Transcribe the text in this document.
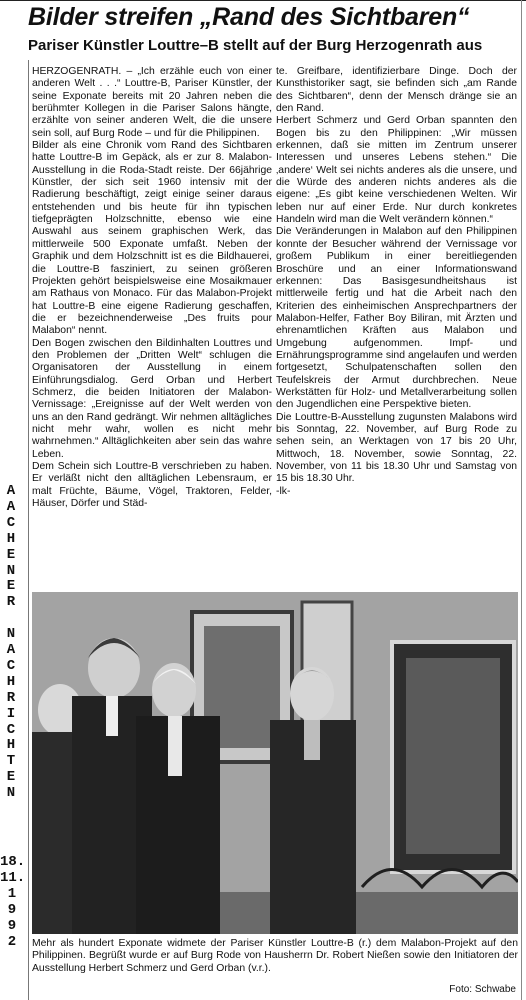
Bilder streifen „Rand des Sichtbaren“
Pariser Künstler Louttre–B stellt auf der Burg Herzogenrath aus

HERZOGENRATH. – „Ich erzähle euch von einer anderen Welt . . .“ Louttre-B, Pariser Künstler, der seine Exponate bereits mit 20 Jahren neben die berühmter Kollegen in die Pariser Salons hängte, erzählte von seiner anderen Welt, die die unsere sein soll, auf Burg Rode – und für die Philippinen.

Bilder als eine Chronik vom Rand des Sichtbaren hatte Louttre-B im Gepäck, als er zur 8. Malabon-Ausstellung in die Roda-Stadt reiste. Der 66jährige Künstler, der sich seit 1960 intensiv mit der Radierung beschäftigt, zeigt einige seiner daraus entstehenden und bis heute für ihn typischen tiefgeprägten Holzschnitte, ebenso wie eine Auswahl aus seinem graphischen Werk, das mittlerweile 500 Exponate umfaßt. Neben der Graphik und dem Holzschnitt ist es die Bildhauerei, die Louttre-B fasziniert, zu seinen größeren Projekten gehört beispielsweise eine Mosaikmauer am Rathaus von Monaco. Für das Malabon-Projekt hat Louttre-B eine eigene Radierung geschaffen, die er bezeichnenderweise „Des fruits pour Malabon“ nennt.

Den Bogen zwischen den Bildinhalten Louttres und den Problemen der „Dritten Welt“ schlugen die Organisatoren der Ausstellung in einem Einführungsdialog. Gerd Orban und Herbert Schmerz, die beiden Initiatoren der Malabon-Vernissage: „Ereignisse auf der Welt werden von uns an den Rand gedrängt. Wir nehmen alltägliches nicht mehr wahr, wollen es nicht mehr wahrnehmen.“ Alltäglichkeiten aber sein das wahre Leben.

Dem Schein sich Louttre-B verschrieben zu haben. Er verläßt nicht den alltäglichen Lebensraum, er malt Früchte, Bäume, Vögel, Traktoren, Felder, Häuser, Dörfer und Städ-

te. Greifbare, identifizierbare Dinge. Doch der Kunsthistoriker sagt, sie befinden sich „am Rande des Sichtbaren“, denn der Mensch dränge sie an den Rand.

Herbert Schmerz und Gerd Orban spannten den Bogen bis zu den Philippinen: „Wir müssen erkennen, daß sie mitten im Zentrum unserer Interessen und unseres Lebens stehen.“ Die ‚andere‘ Welt sei nichts anderes als die unsere, und die Würde des anderen nichts anderes als die eigene: „Es gibt keine verschiedenen Welten. Wir leben nur auf einer Erde. Nur durch konkretes Handeln wird man die Welt verändern können.“

Die Veränderungen in Malabon auf den Philippinen konnte der Besucher während der Vernissage vor großem Publikum in einer bereitliegenden Broschüre und an einer Informationswand erkennen: Das Basisgesundheitshaus ist mittlerweile fertig und hat die Arbeit nach den Kriterien des einheimischen Ansprechpartners der Malabon-Helfer, Father Boy Biliran, mit Ärzten und ehrenamtlichen Kräften aus Malabon und Umgebung aufgenommen. Impf- und Ernährungsprogramme sind angelaufen und werden fortgesetzt, Schulpatenschaften sollen den Teufelskreis der Armut durchbrechen. Neue Werkstätten für Holz- und Metallverarbeitung sollen den Jugendlichen eine Perspektive bieten.

Die Louttre-B-Ausstellung zugunsten Malabons wird bis Sonntag, 22. November, auf Burg Rode zu sehen sein, an Werktagen von 17 bis 20 Uhr, Mittwoch, 18. November, sowie Sonntag, 22. November, von 11 bis 18.30 Uhr und Samstag von 15 bis 18.30 Uhr.

-lk-

A
A
C
H
E
N
E
R
N
A
C
H
R
I
C
H
T
E
N
18.
11.
1
9
9
2	Mehr als hundert Exponate widmete der Pariser Künstler Louttre-B (r.) dem Malabon-Projekt auf den Philippinen. Begrüßt wurde er auf Burg Rode von Hausherrn Dr. Robert Nießen sowie den Initiatoren der Ausstellung Herbert Schmerz und Gerd Orban (v.r.).
Foto: Schwabe
